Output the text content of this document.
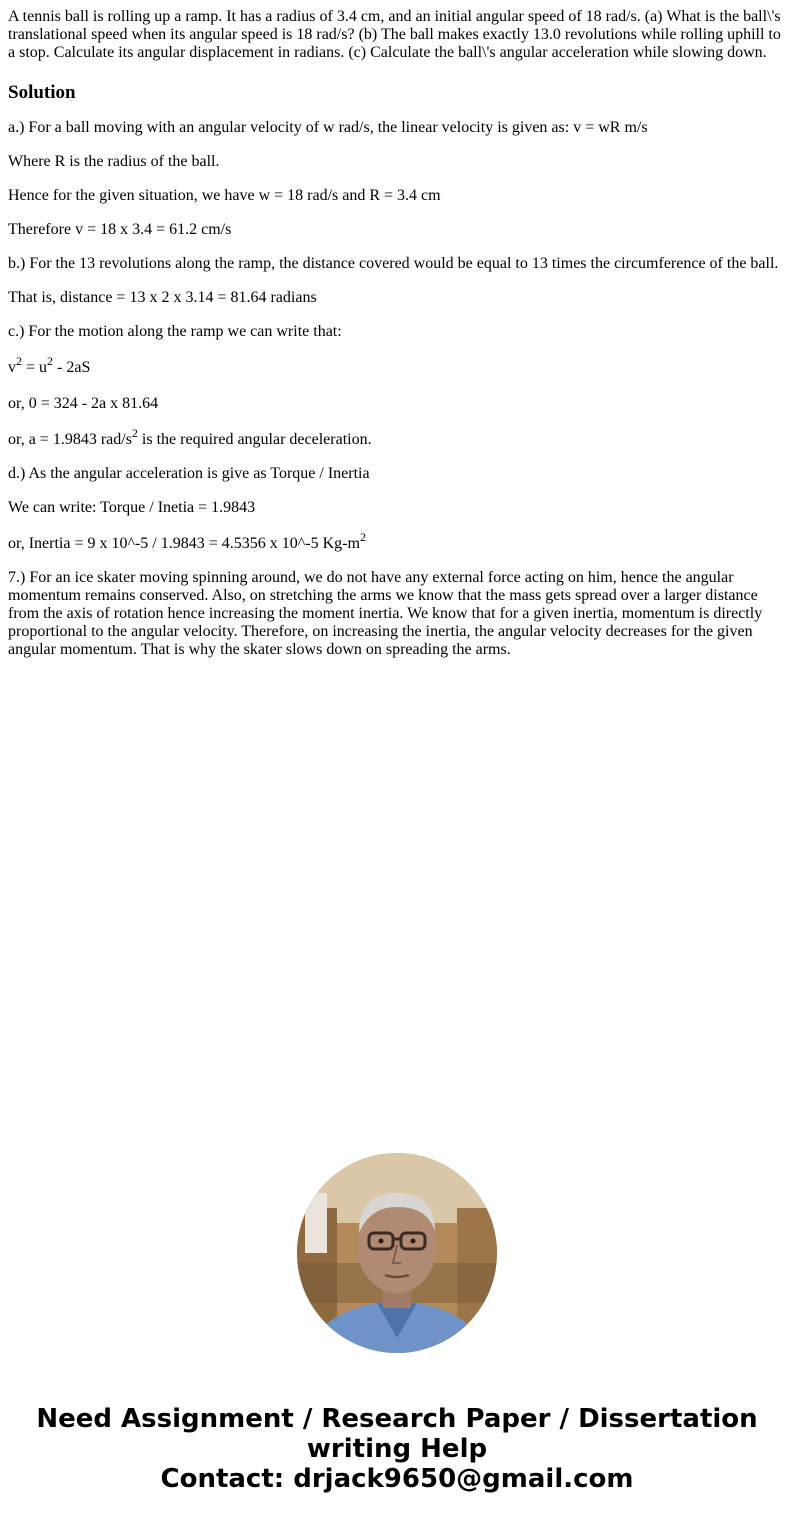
A tennis ball is rolling up a ramp. It has a radius of 3.4 cm, and an initial angular speed of 18 rad/s. (a) What is the ball\'s translational speed when its angular speed is 18 rad/s? (b) The ball makes exactly 13.0 revolutions while rolling uphill to a stop. Calculate its angular displacement in radians. (c) Calculate the ball\'s angular acceleration while slowing down.

Solution

a.) For a ball moving with an angular velocity of w rad/s, the linear velocity is given as: v = wR m/s

Where R is the radius of the ball.

Hence for the given situation, we have w = 18 rad/s and R = 3.4 cm

Therefore v = 18 x 3.4 = 61.2 cm/s

b.) For the 13 revolutions along the ramp, the distance covered would be equal to 13 times the circumference of the ball.

That is, distance = 13 x 2 x 3.14 = 81.64 radians

c.) For the motion along the ramp we can write that:

$v^2 = u^2 - 2aS$

or, 0 = 324 - 2a x 81.64

or, a = 1.9843 rad/$s^2$ is the required angular deceleration.

d.) As the angular acceleration is give as Torque / Inertia

We can write: Torque / Inetia = 1.9843

or, Inertia = 9 x 10^-5 / 1.9843 = 4.5356 x 10^-5 $Kg-m^2$

7.) For an ice skater moving spinning around, we do not have any external force acting on him, hence the angular momentum remains conserved. Also, on stretching the arms we know that the mass gets spread over a larger distance from the axis of rotation hence increasing the moment inertia. We know that for a given inertia, momentum is directly proportional to the angular velocity. Therefore, on increasing the inertia, the angular velocity decreases for the given angular momentum. That is why the skater slows down on spreading the arms.

Need Assignment / Research Paper / Dissertation
writing Help
Contact: drjack9650@gmail.com
